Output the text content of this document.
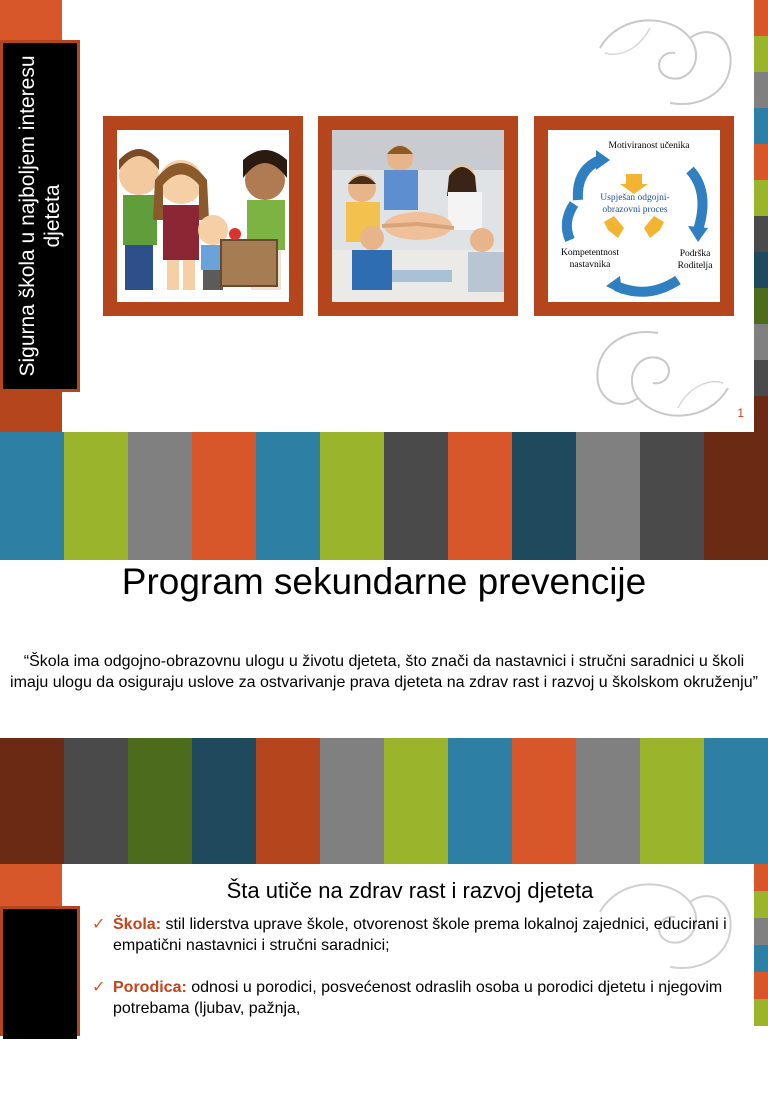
Sigurna škola u najboljem interesu djeteta
Motiviranost učenika
Uspješan odgojni-obrazovni proces
Kompetentnost nastavnika
Podrška Roditelja
1
Program sekundarne prevencije
“Škola ima odgojno-obrazovnu ulogu u životu djeteta, što znači da nastavnici i stručni saradnici u školi imaju ulogu da osiguraju uslove za ostvarivanje prava djeteta na zdrav rast i razvoj u školskom okruženju”
ćnosti
Šta utiče na zdrav rast i razvoj djeteta
✓ Škola: stil liderstva uprave škole, otvorenost škole prema lokalnoj zajednici, educirani i empatični nastavnici i stručni saradnici;
✓ Porodica: odnosi u porodici, posvećenost odraslih osoba u porodici djetetu i njegovim potrebama (ljubav, pažnja,
